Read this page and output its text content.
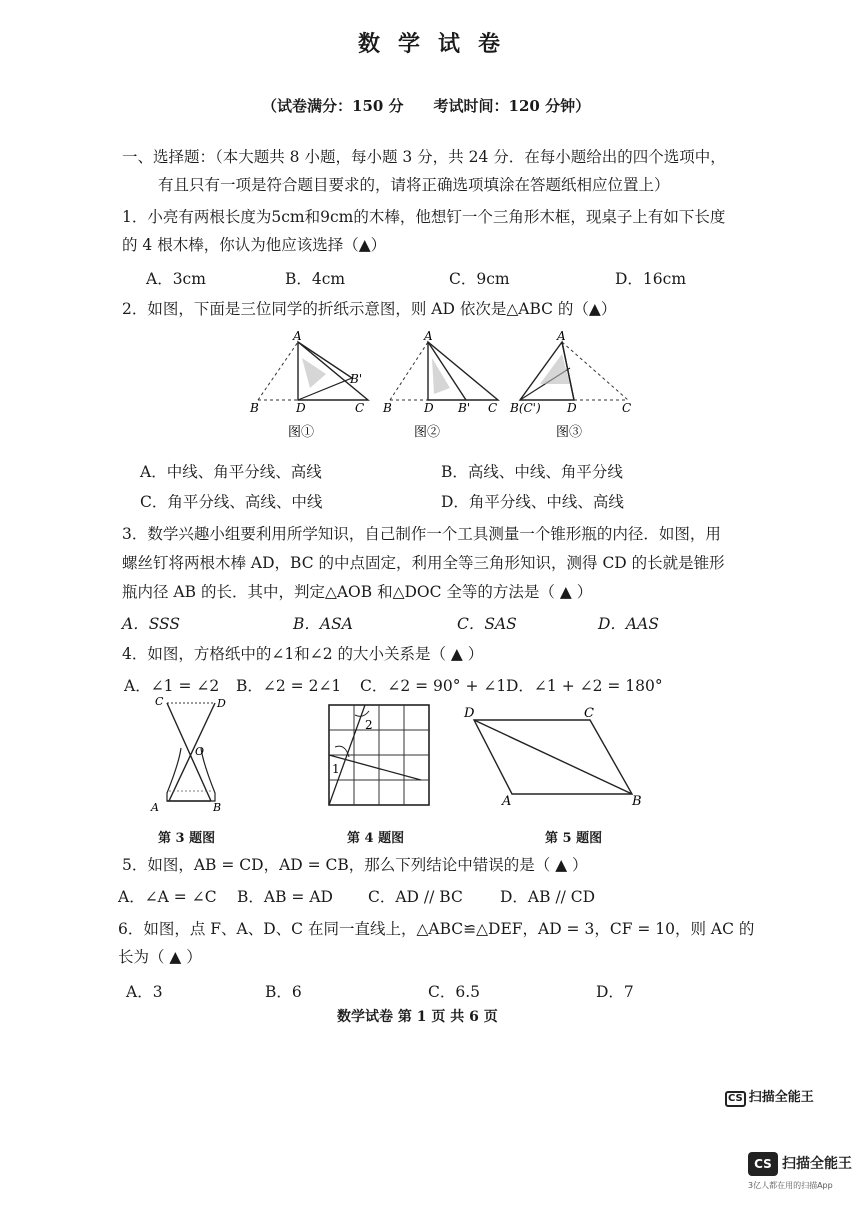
数学试卷
（试卷满分：150 分　　考试时间：120 分钟）
一、选择题：（本大题共 8 小题，每小题 3 分，共 24 分．在每小题给出的四个选项中，
有且只有一项是符合题目要求的，请将正确选项填涂在答题纸相应位置上）
1．小亮有两根长度为5cm和9cm的木棒，他想钉一个三角形木框，现桌子上有如下长度
的 4 根木棒，你认为他应该选择（▲）
A．3cm	B．4cm	C．9cm	D．16cm
2．如图，下面是三位同学的折纸示意图，则 AD 依次是△ABC 的（▲）
A
B'
B	D	C
A
B	D B' C
A
B(C') D	C
图①	图②	图③
A．中线、角平分线、高线	B．高线、中线、角平分线
C．角平分线、高线、中线	D．角平分线、中线、高线
3．数学兴趣小组要利用所学知识，自己制作一个工具测量一个锥形瓶的内径．如图，用
螺丝钉将两根木棒 AD，BC 的中点固定，利用全等三角形知识，测得 CD 的长就是锥形
瓶内径 AB 的长．其中，判定△AOB 和△DOC 全等的方法是（ ▲ ）
A．SSS	B．ASA	C．SAS	D．AAS
4．如图，方格纸中的∠1和∠2 的大小关系是（ ▲ ）
A．∠1 = ∠2 B．∠2 = 2∠1 C．∠2 = 90° + ∠1 D．∠1 + ∠2 = 180°
C	D
O
A	B
第 3 题图
2
1
第 4 题图
D	C
A	B
第 5 题图
5．如图，AB = CD，AD = CB，那么下列结论中错误的是（ ▲ ）
A．∠A = ∠C B．AB = AD C．AD // BC D．AB // CD
6．如图，点 F、A、D、C 在同一直线上，△ABC≌△DEF，AD = 3，CF = 10，则 AC 的
长为（ ▲ ）
A．3	B．6	C．6.5	D．7
数学试卷 第 1 页 共 6 页
CS 扫描全能王
CS 扫描全能王
3亿人都在用的扫描App
